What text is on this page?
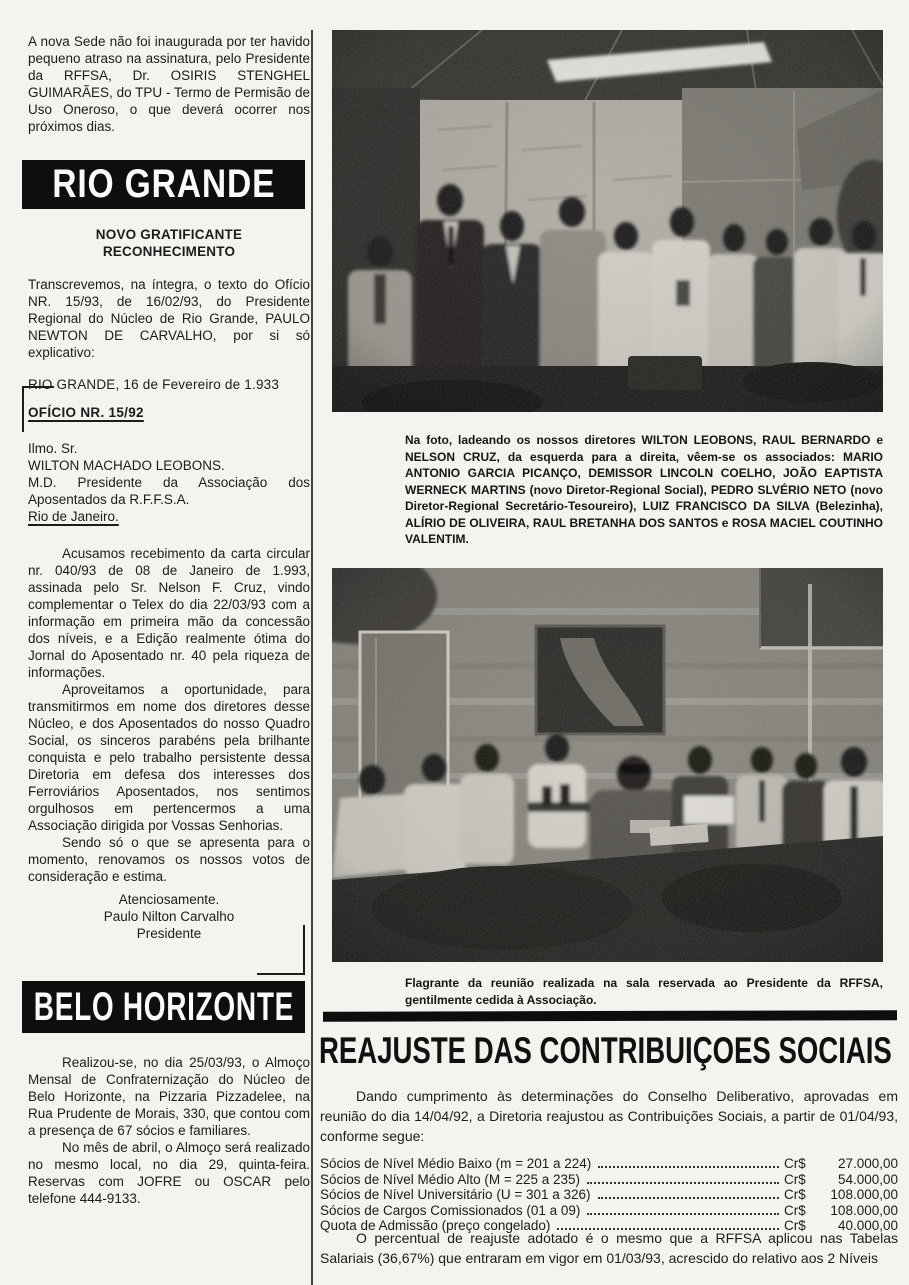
A nova Sede não foi inaugurada por ter havido pequeno atraso na assinatura, pelo Presidente da RFFSA, Dr. OSIRIS STENGHEL GUIMARÃES, do TPU - Termo de Permisão de Uso Oneroso, o que deverá ocorrer nos próximos dias.

RIO GRANDE
NOVO GRATIFICANTE
RECONHECIMENTO

Transcrevemos, na íntegra, o texto do Ofício NR. 15/93, de 16/02/93, do Presidente Regional do Núcleo de Rio Grande, PAULO NEWTON DE CARVALHO, por si só explicativo:

RIO GRANDE, 16 de Fevereiro de 1.933
OFÍCIO NR. 15/92
Ilmo. Sr.
WILTON MACHADO LEOBONS.
M.D. Presidente da Associação dos Aposentados da R.F.F.S.A.
Rio de Janeiro.

Acusamos recebimento da carta circular nr. 040/93 de 08 de Janeiro de 1.993, assinada pelo Sr. Nelson F. Cruz, vindo complementar o Telex do dia 22/03/93 com a informação em primeira mão da concessão dos níveis, e a Edição realmente ótima do Jornal do Aposentado nr. 40 pela riqueza de informações.

Aproveitamos a oportunidade, para transmitirmos em nome dos diretores desse Núcleo, e dos Aposentados do nosso Quadro Social, os sinceros parabéns pela brilhante conquista e pelo trabalho persistente dessa Diretoria em defesa dos interesses dos Ferroviários Aposentados, nos sentimos orgulhosos em pertencermos a uma Associação dirigida por Vossas Senhorias.

Sendo só o que se apresenta para o momento, renovamos os nossos votos de consideração e estima.

Atenciosamente.
Paulo Nilton Carvalho
Presidente
BELO HORIZONTE

Realizou-se, no dia 25/03/93, o Almoço Mensal de Confraternização do Núcleo de Belo Horizonte, na Pizzaria Pizzadelee, na Rua Prudente de Morais, 330, que contou com a presença de 67 sócios e familiares.

No mês de abril, o Almoço será realizado no mesmo local, no dia 29, quinta-feira. Reservas com JOFRE ou OSCAR pelo telefone 444-9133.

Na foto, ladeando os nossos diretores WILTON LEOBONS, RAUL BERNARDO e NELSON CRUZ, da esquerda para a direita, vêem-se os associados: MARIO ANTONIO GARCIA PICANÇO, DEMISSOR LINCOLN COELHO, JOÃO EAPTISTA WERNECK MARTINS (novo Diretor-Regional Social), PEDRO SLVÉRIO NETO (novo Diretor-Regional Secretário-Tesoureiro), LUIZ FRANCISCO DA SILVA (Belezinha), ALÍRIO DE OLIVEIRA, RAUL BRETANHA DOS SANTOS e ROSA MACIEL COUTINHO VALENTIM.
Flagrante da reunião realizada na sala reservada ao Presidente da RFFSA, gentilmente cedida à Associação.
REAJUSTE DAS CONTRIBUIÇOES SOCIAIS

Dando cumprimento às determinações do Conselho Deliberativo, aprovadas em reunião do dia 14/04/92, a Diretoria reajustou as Contribuições Sociais, a partir de 01/04/93, conforme segue:

Sócios de Nível Médio Baixo (m = 201 a 224)	Cr$	27.000,00
Sócios de Nível Médio Alto (M = 225 a 235)	Cr$	54.000,00
Sócios de Nível Universitário (U = 301 a 326)	Cr$	108.000,00
Sócios de Cargos Comissionados (01 a 09)	Cr$	108.000,00
Quota de Admissão (preço congelado)	Cr$	40.000,00

O percentual de reajuste adotado é o mesmo que a RFFSA aplicou nas Tabelas Salariais (36,67%) que entraram em vigor em 01/03/93, acrescido do relativo aos 2 Níveis
